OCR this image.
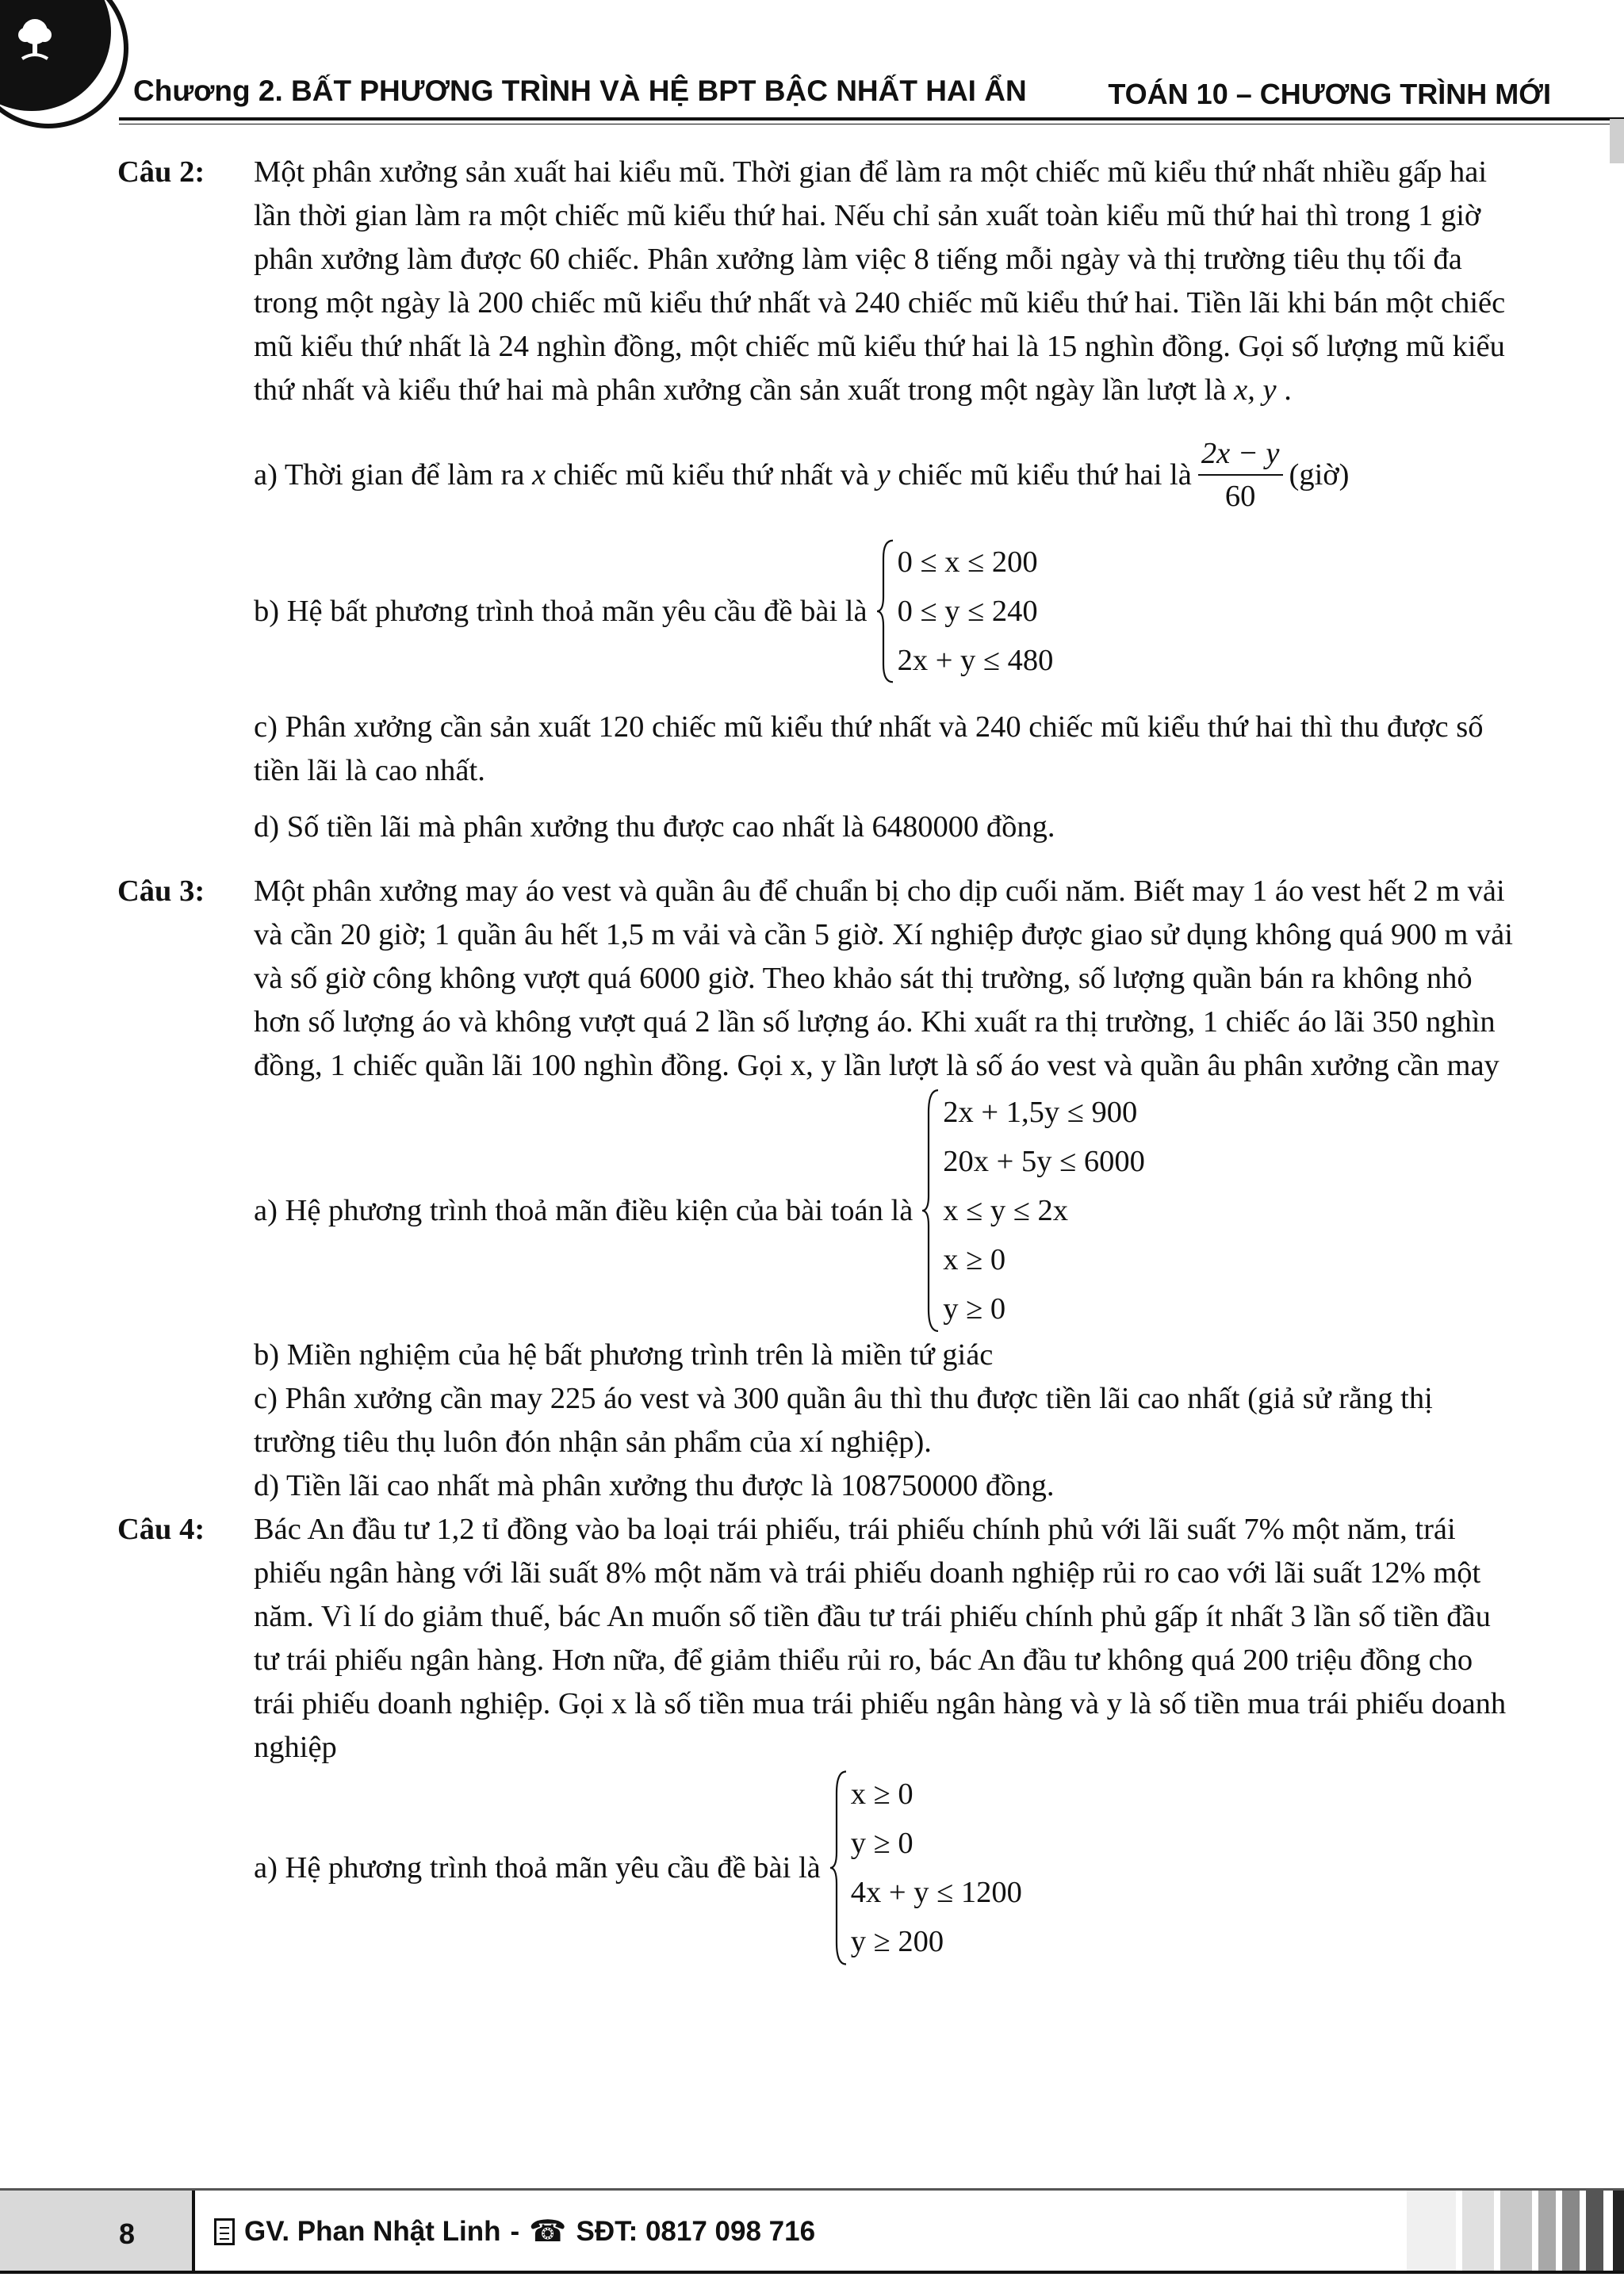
Chương 2. BẤT PHƯƠNG TRÌNH VÀ HỆ BPT BẬC NHẤT HAI ẨN	TOÁN 10 – CHƯƠNG TRÌNH MỚI
Câu 2: Một phân xưởng sản xuất hai kiểu mũ. Thời gian để làm ra một chiếc mũ kiểu thứ nhất nhiều gấp hai lần thời gian làm ra một chiếc mũ kiểu thứ hai. Nếu chỉ sản xuất toàn kiểu mũ thứ hai thì trong 1 giờ phân xưởng làm được 60 chiếc. Phân xưởng làm việc 8 tiếng mỗi ngày và thị trường tiêu thụ tối đa trong một ngày là 200 chiếc mũ kiểu thứ nhất và 240 chiếc mũ kiểu thứ hai. Tiền lãi khi bán một chiếc mũ kiểu thứ nhất là 24 nghìn đồng, một chiếc mũ kiểu thứ hai là 15 nghìn đồng. Gọi số lượng mũ kiểu thứ nhất và kiểu thứ hai mà phân xưởng cần sản xuất trong một ngày lần lượt là x, y .

a) Thời gian để làm ra
x
chiếc mũ kiểu thứ nhất và
y
chiếc mũ kiểu thứ hai là $\frac{2x - y}{60}$ (giờ)
b) Hệ bất phương trình thoả mãn yêu cầu đề bài là
0 ≤ x ≤ 200
0 ≤ y ≤ 240
2x + y ≤ 480

c) Phân xưởng cần sản xuất 120 chiếc mũ kiểu thứ nhất và 240 chiếc mũ kiểu thứ hai thì thu được số tiền lãi là cao nhất.

d) Số tiền lãi mà phân xưởng thu được cao nhất là 6480000 đồng.

Câu 3: Một phân xưởng may áo vest và quần âu để chuẩn bị cho dịp cuối năm. Biết may 1 áo vest hết 2 m vải và cần 20 giờ; 1 quần âu hết 1,5 m vải và cần 5 giờ. Xí nghiệp được giao sử dụng không quá 900 m vải và số giờ công không vượt quá 6000 giờ. Theo khảo sát thị trường, số lượng quần bán ra không nhỏ hơn số lượng áo và không vượt quá 2 lần số lượng áo. Khi xuất ra thị trường, 1 chiếc áo lãi 350 nghìn đồng, 1 chiếc quần lãi 100 nghìn đồng. Gọi x, y lần lượt là số áo vest và quần âu phân xưởng cần may

a) Hệ phương trình thoả mãn điều kiện của bài toán là
2x + 1,5y ≤ 900
20x + 5y ≤ 6000
x ≤ y ≤ 2x
x ≥ 0
y ≥ 0

b) Miền nghiệm của hệ bất phương trình trên là miền tứ giác

c) Phân xưởng cần may 225 áo vest và 300 quần âu thì thu được tiền lãi cao nhất (giả sử rằng thị trường tiêu thụ luôn đón nhận sản phẩm của xí nghiệp).

d) Tiền lãi cao nhất mà phân xưởng thu được là 108750000 đồng.

Câu 4: Bác An đầu tư 1,2 tỉ đồng vào ba loại trái phiếu, trái phiếu chính phủ với lãi suất 7% một năm, trái phiếu ngân hàng với lãi suất 8% một năm và trái phiếu doanh nghiệp rủi ro cao với lãi suất 12% một năm. Vì lí do giảm thuế, bác An muốn số tiền đầu tư trái phiếu chính phủ gấp ít nhất 3 lần số tiền đầu tư trái phiếu ngân hàng. Hơn nữa, để giảm thiểu rủi ro, bác An đầu tư không quá 200 triệu đồng cho trái phiếu doanh nghiệp. Gọi x là số tiền mua trái phiếu ngân hàng và y là số tiền mua trái phiếu doanh nghiệp

a) Hệ phương trình thoả mãn yêu cầu đề bài là
x ≥ 0
y ≥ 0
4x + y ≤ 1200
y ≥ 200
8	GV. Phan Nhật Linh - ☎ SĐT: 0817 098 716
